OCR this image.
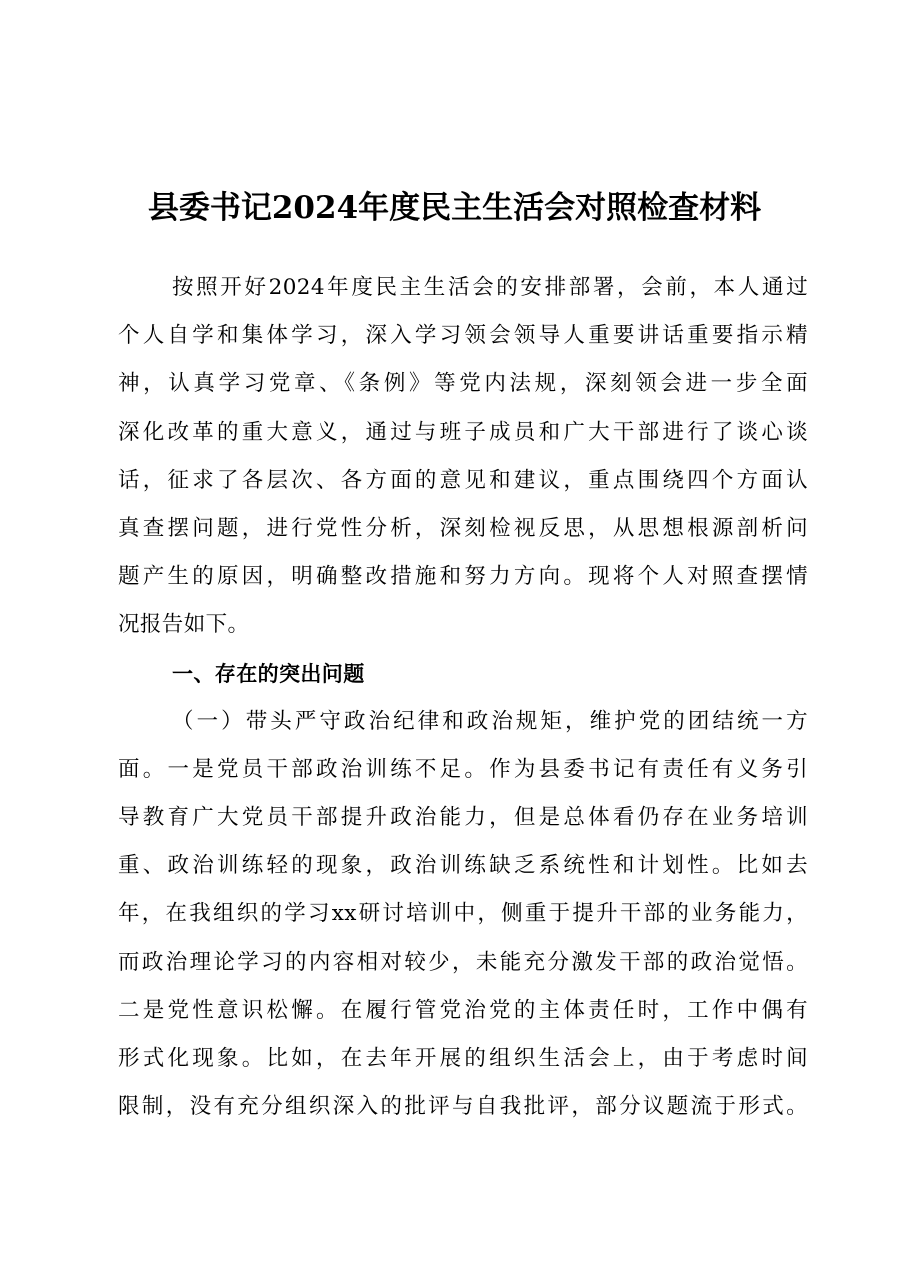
县委书记2024年度民主生活会对照检查材料
按照开好2024年度民主生活会的安排部署，会前，本人通过
个人自学和集体学习，深入学习领会领导人重要讲话重要指示精
神，认真学习党章、《条例》等党内法规，深刻领会进一步全面
深化改革的重大意义，通过与班子成员和广大干部进行了谈心谈
话，征求了各层次、各方面的意见和建议，重点围绕四个方面认
真查摆问题，进行党性分析，深刻检视反思，从思想根源剖析问
题产生的原因，明确整改措施和努力方向。现将个人对照查摆情
况报告如下。
一、存在的突出问题
（一）带头严守政治纪律和政治规矩，维护党的团结统一方
面。一是党员干部政治训练不足。作为县委书记有责任有义务引
导教育广大党员干部提升政治能力，但是总体看仍存在业务培训
重、政治训练轻的现象，政治训练缺乏系统性和计划性。比如去
年，在我组织的学习xx研讨培训中，侧重于提升干部的业务能力，
而政治理论学习的内容相对较少，未能充分激发干部的政治觉悟。
二是党性意识松懈。在履行管党治党的主体责任时，工作中偶有
形式化现象。比如，在去年开展的组织生活会上，由于考虑时间
限制，没有充分组织深入的批评与自我批评，部分议题流于形式。
